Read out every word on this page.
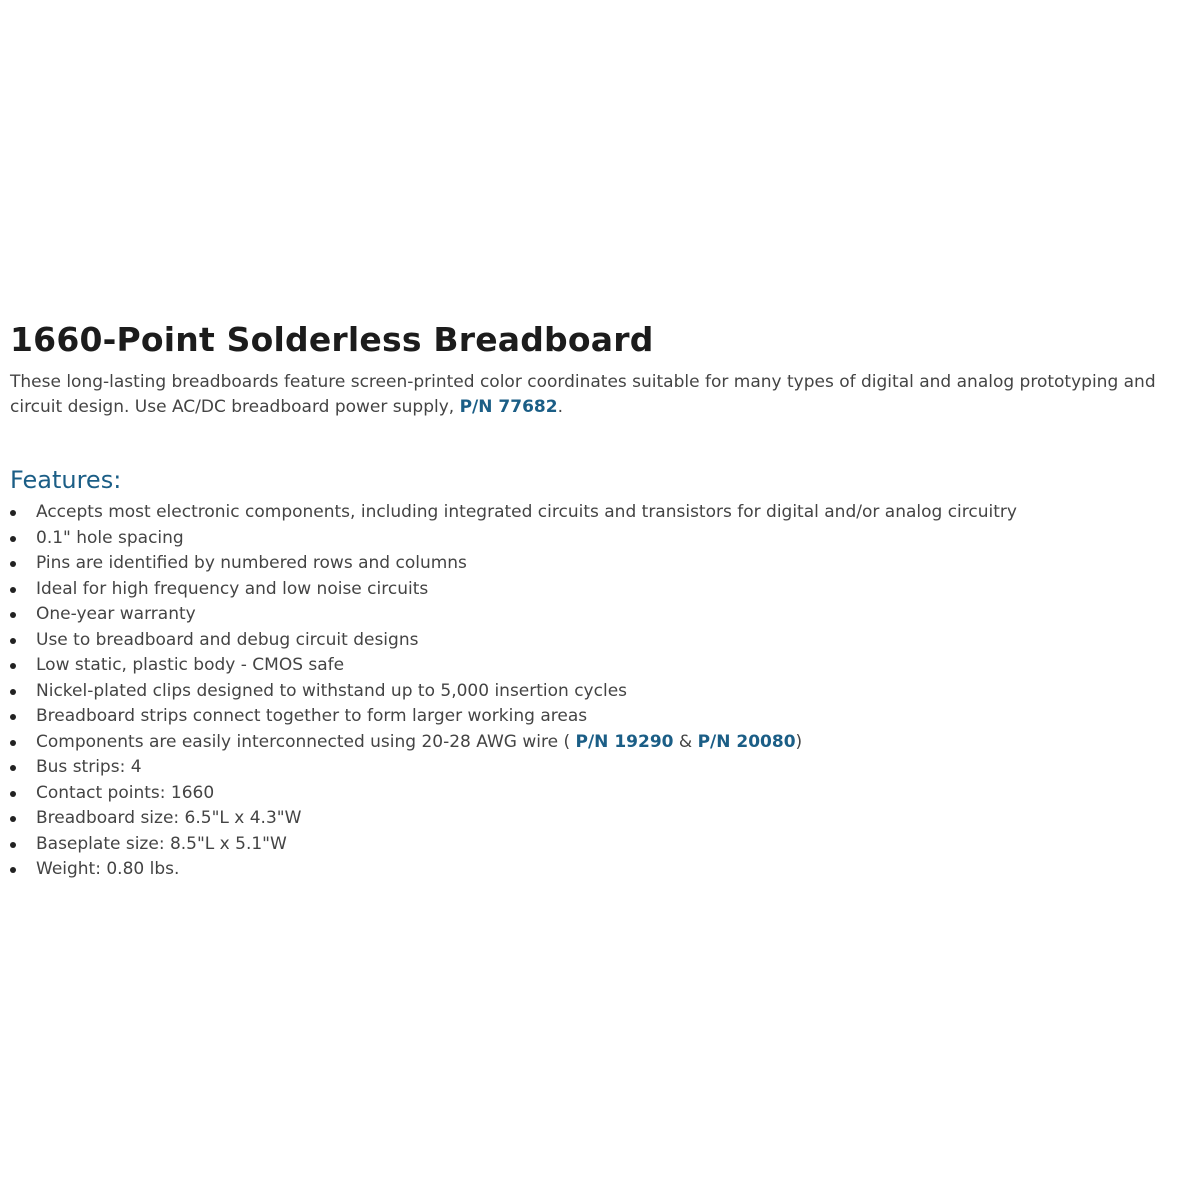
1660-Point Solderless Breadboard

These long-lasting breadboards feature screen-printed color coordinates suitable for many types of digital and analog prototyping and circuit design. Use AC/DC breadboard power supply, P/N 77682.

Features:
Accepts most electronic components, including integrated circuits and transistors for digital and/or analog circuitry
0.1" hole spacing
Pins are identified by numbered rows and columns
Ideal for high frequency and low noise circuits
One-year warranty
Use to breadboard and debug circuit designs
Low static, plastic body - CMOS safe
Nickel-plated clips designed to withstand up to 5,000 insertion cycles
Breadboard strips connect together to form larger working areas
Components are easily interconnected using 20-28 AWG wire ( P/N 19290 & P/N 20080)
Bus strips: 4
Contact points: 1660
Breadboard size: 6.5"L x 4.3"W
Baseplate size: 8.5"L x 5.1"W
Weight: 0.80 lbs.
